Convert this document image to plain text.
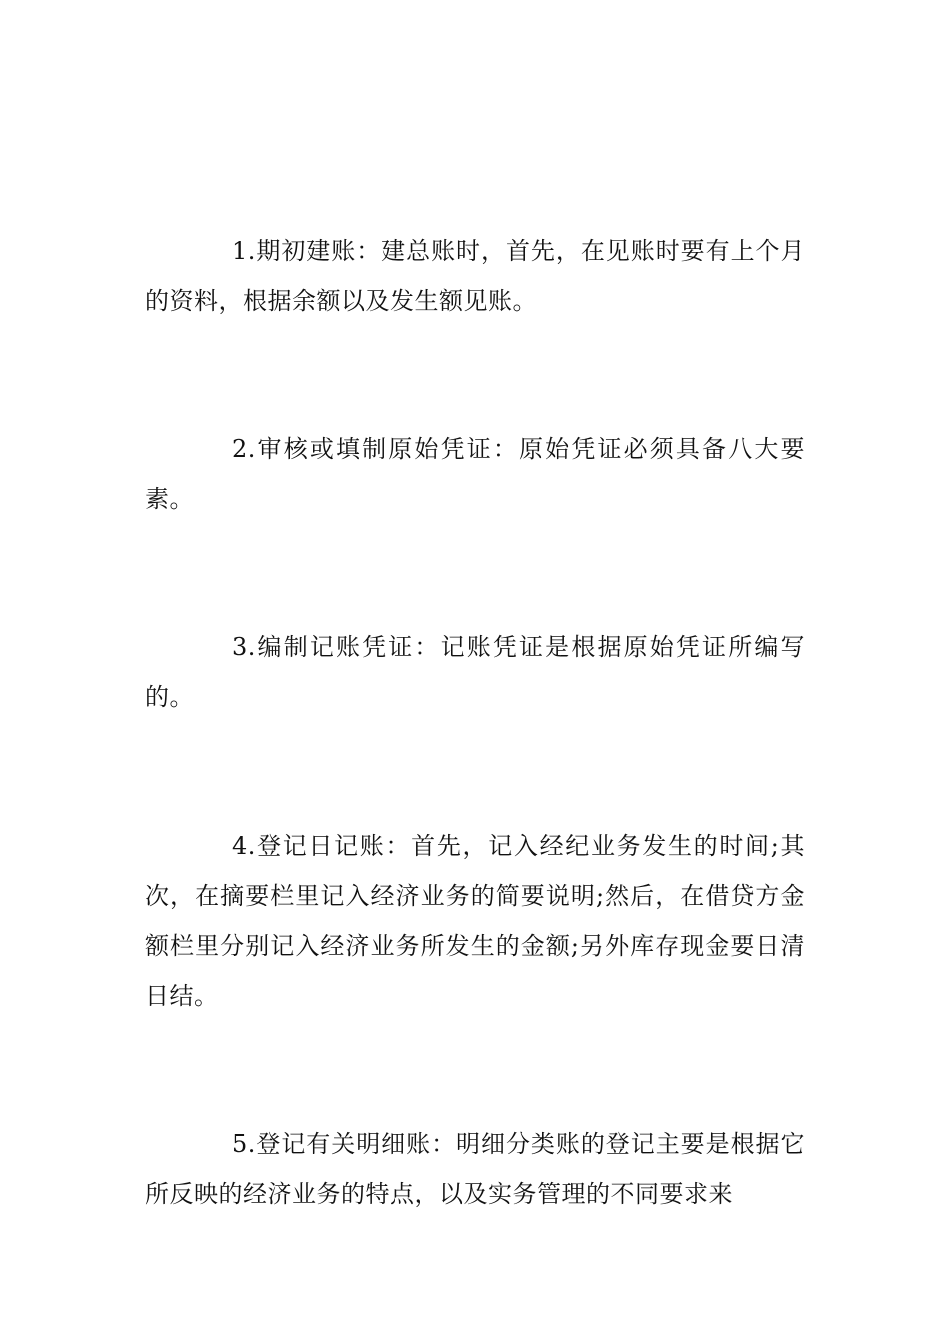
1.期初建账：建总账时，首先，在见账时要有上个月的资料，根据余额以及发生额见账。

2.审核或填制原始凭证：原始凭证必须具备八大要素。

3.编制记账凭证：记账凭证是根据原始凭证所编写的。

4.登记日记账：首先，记入经纪业务发生的时间;其次，在摘要栏里记入经济业务的简要说明;然后，在借贷方金额栏里分别记入经济业务所发生的金额;另外库存现金要日清日结。

5.登记有关明细账：明细分类账的登记主要是根据它所反映的经济业务的特点，以及实务管理的不同要求来
